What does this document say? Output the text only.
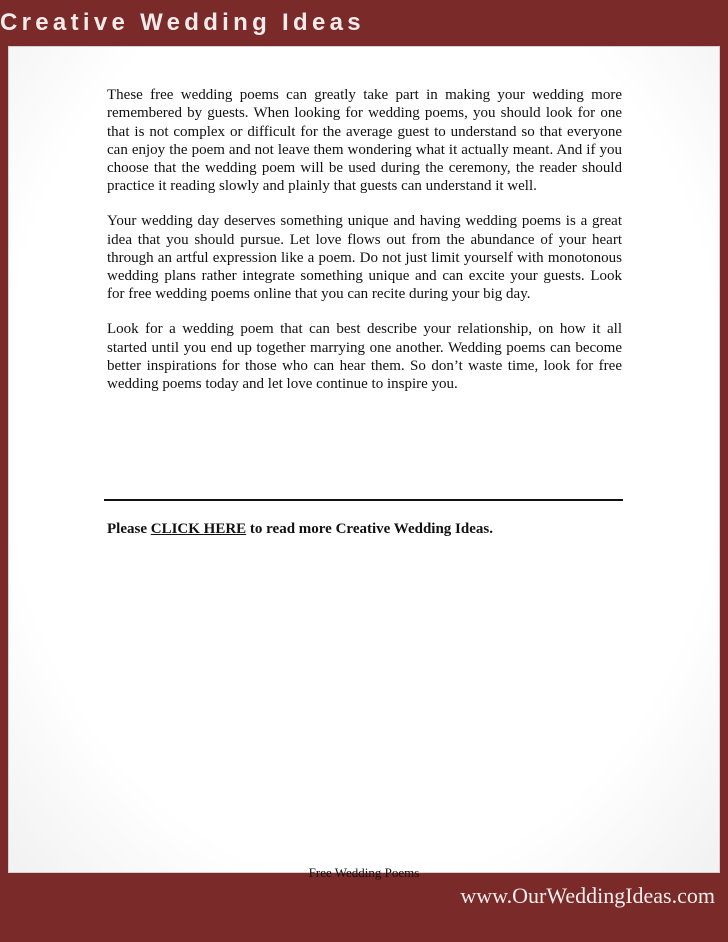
Creative Wedding Ideas

These free wedding poems can greatly take part in making your wedding more remembered by guests. When looking for wedding poems, you should look for one that is not complex or difficult for the average guest to understand so that everyone can enjoy the poem and not leave them wondering what it actually meant. And if you choose that the wedding poem will be used during the ceremony, the reader should practice it reading slowly and plainly that guests can understand it well.

Your wedding day deserves something unique and having wedding poems is a great idea that you should pursue. Let love flows out from the abundance of your heart through an artful expression like a poem. Do not just limit yourself with monotonous wedding plans rather integrate something unique and can excite your guests. Look for free wedding poems online that you can recite during your big day.

Look for a wedding poem that can best describe your relationship, on how it all started until you end up together marrying one another. Wedding poems can become better inspirations for those who can hear them. So don’t waste time, look for free wedding poems today and let love continue to inspire you.

Please CLICK HERE to read more Creative Wedding Ideas.
Free Wedding Poems
www.OurWeddingIdeas.com
